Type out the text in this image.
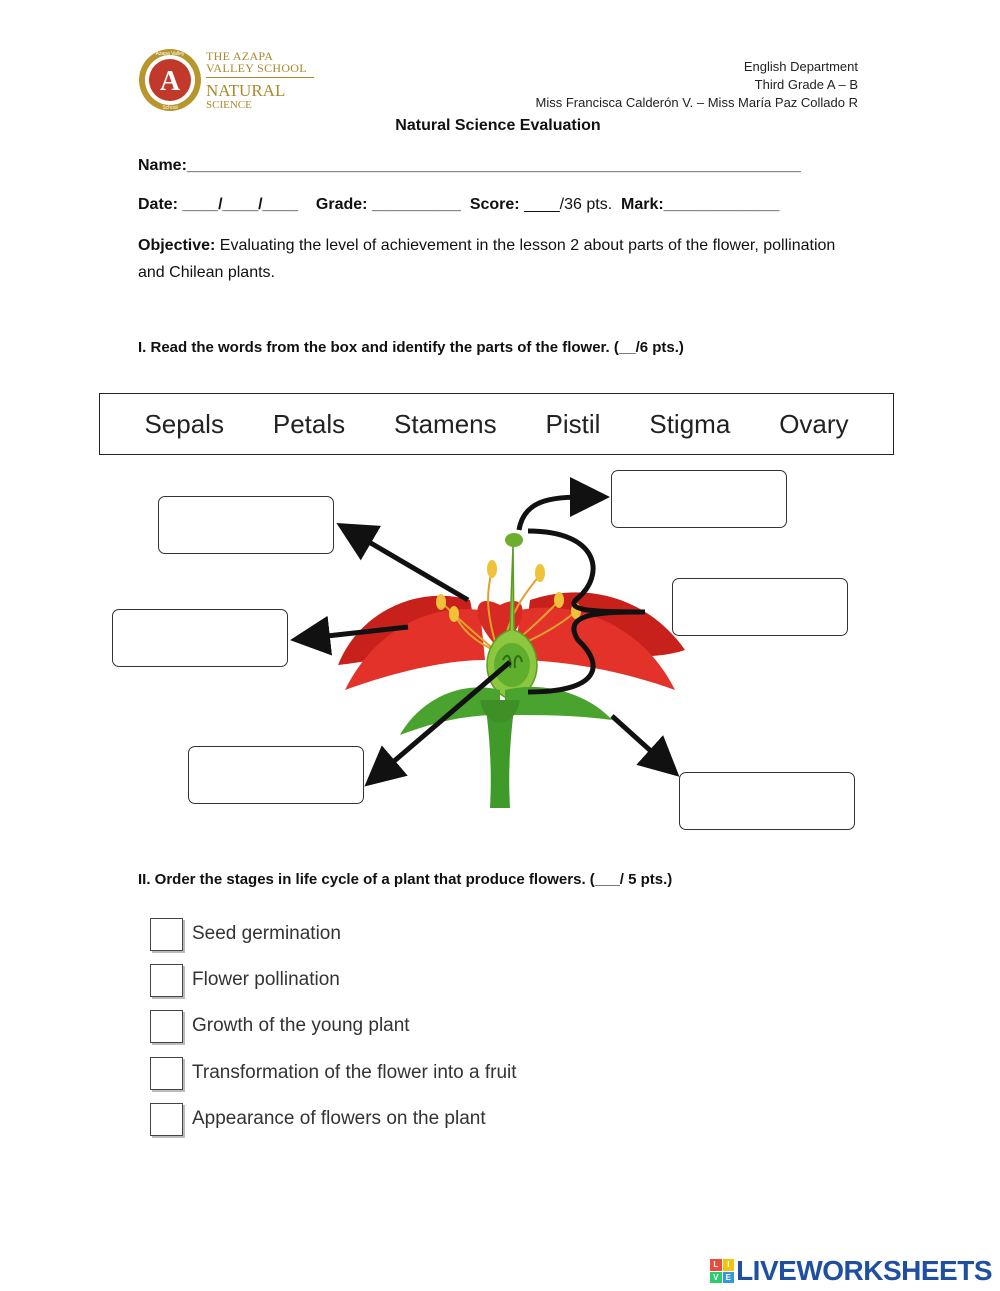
A
Azapa Valley
School
THE AZAPA
VALLEY SCHOOL
NATURAL
SCIENCE
English Department
Third Grade A – B
Miss Francisca Calderón V. – Miss María Paz Collado R
Natural Science Evaluation
Name:_____________________________________________________________________
Date: ____/____/____ Grade: __________ Score: ____/36 pts. Mark:_____________
Objective: Evaluating the level of achievement in the lesson 2 about parts of the flower, pollination and Chilean plants.
I. Read the words from the box and identify the parts of the flower. (__/6 pts.)
Sepals Petals Stamens Pistil Stigma Ovary
II. Order the stages in life cycle of a plant that produce flowers. (___/ 5 pts.)
Seed germination
Flower pollination
Growth of the young plant
Transformation of the flower into a fruit
Appearance of flowers on the plant
L	I
V E LIVEWORKSHEETS
